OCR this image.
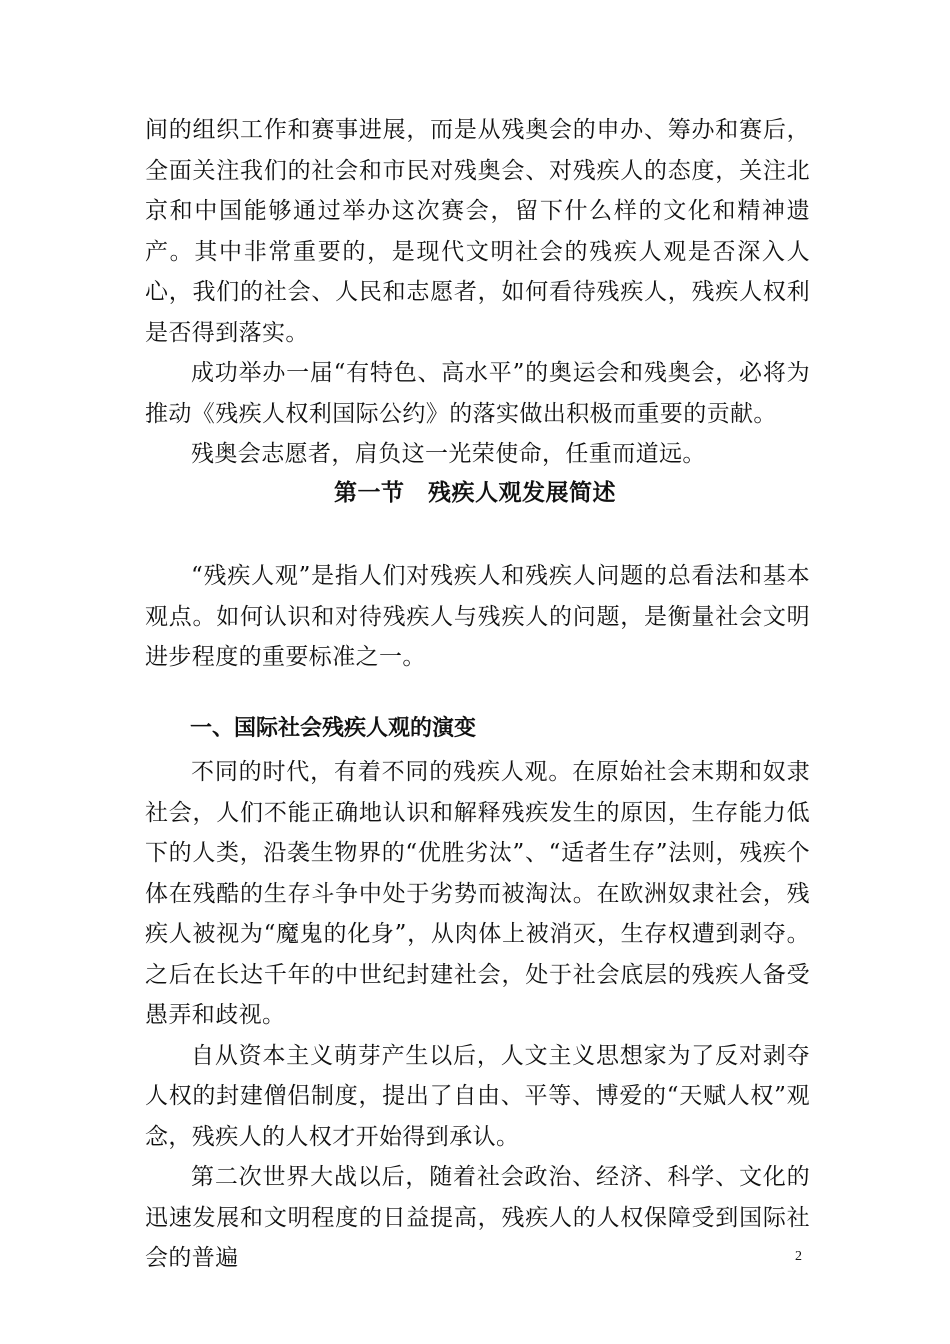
间的组织工作和赛事进展，而是从残奥会的申办、筹办和赛后，全面关注我们的社会和市民对残奥会、对残疾人的态度，关注北京和中国能够通过举办这次赛会，留下什么样的文化和精神遗产。其中非常重要的，是现代文明社会的残疾人观是否深入人心，我们的社会、人民和志愿者，如何看待残疾人，残疾人权利是否得到落实。

成功举办一届“有特色、高水平”的奥运会和残奥会，必将为推动《残疾人权利国际公约》的落实做出积极而重要的贡献。

残奥会志愿者，肩负这一光荣使命，任重而道远。

第一节　残疾人观发展简述

“残疾人观”是指人们对残疾人和残疾人问题的总看法和基本观点。如何认识和对待残疾人与残疾人的问题，是衡量社会文明进步程度的重要标准之一。

一、国际社会残疾人观的演变

不同的时代，有着不同的残疾人观。在原始社会末期和奴隶社会，人们不能正确地认识和解释残疾发生的原因，生存能力低下的人类，沿袭生物界的“优胜劣汰”、“适者生存”法则，残疾个体在残酷的生存斗争中处于劣势而被淘汰。在欧洲奴隶社会，残疾人被视为“魔鬼的化身”，从肉体上被消灭，生存权遭到剥夺。之后在长达千年的中世纪封建社会，处于社会底层的残疾人备受愚弄和歧视。

自从资本主义萌芽产生以后，人文主义思想家为了反对剥夺人权的封建僧侣制度，提出了自由、平等、博爱的“天赋人权”观念，残疾人的人权才开始得到承认。

第二次世界大战以后，随着社会政治、经济、科学、文化的迅速发展和文明程度的日益提高，残疾人的人权保障受到国际社会的普遍	2
